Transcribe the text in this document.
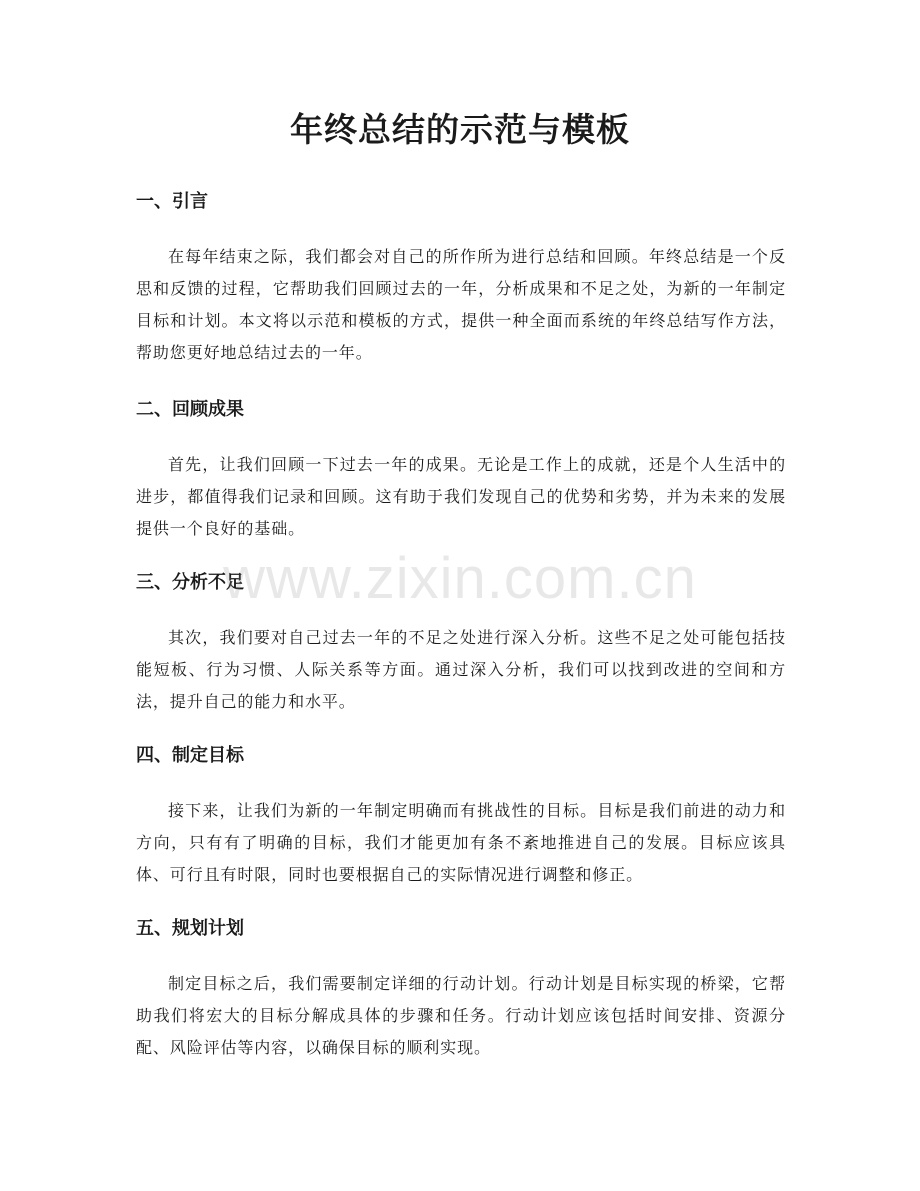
年终总结的示范与模板
一、引言

在每年结束之际，我们都会对自己的所作所为进行总结和回顾。年终总结是一个反思和反馈的过程，它帮助我们回顾过去的一年，分析成果和不足之处，为新的一年制定目标和计划。本文将以示范和模板的方式，提供一种全面而系统的年终总结写作方法，帮助您更好地总结过去的一年。

二、回顾成果

首先，让我们回顾一下过去一年的成果。无论是工作上的成就，还是个人生活中的进步，都值得我们记录和回顾。这有助于我们发现自己的优势和劣势，并为未来的发展提供一个良好的基础。

三、分析不足

其次，我们要对自己过去一年的不足之处进行深入分析。这些不足之处可能包括技能短板、行为习惯、人际关系等方面。通过深入分析，我们可以找到改进的空间和方法，提升自己的能力和水平。

四、制定目标

接下来，让我们为新的一年制定明确而有挑战性的目标。目标是我们前进的动力和方向，只有有了明确的目标，我们才能更加有条不紊地推进自己的发展。目标应该具体、可行且有时限，同时也要根据自己的实际情况进行调整和修正。

五、规划计划

制定目标之后，我们需要制定详细的行动计划。行动计划是目标实现的桥梁，它帮助我们将宏大的目标分解成具体的步骤和任务。行动计划应该包括时间安排、资源分配、风险评估等内容，以确保目标的顺利实现。

www.zixin.com.cn
